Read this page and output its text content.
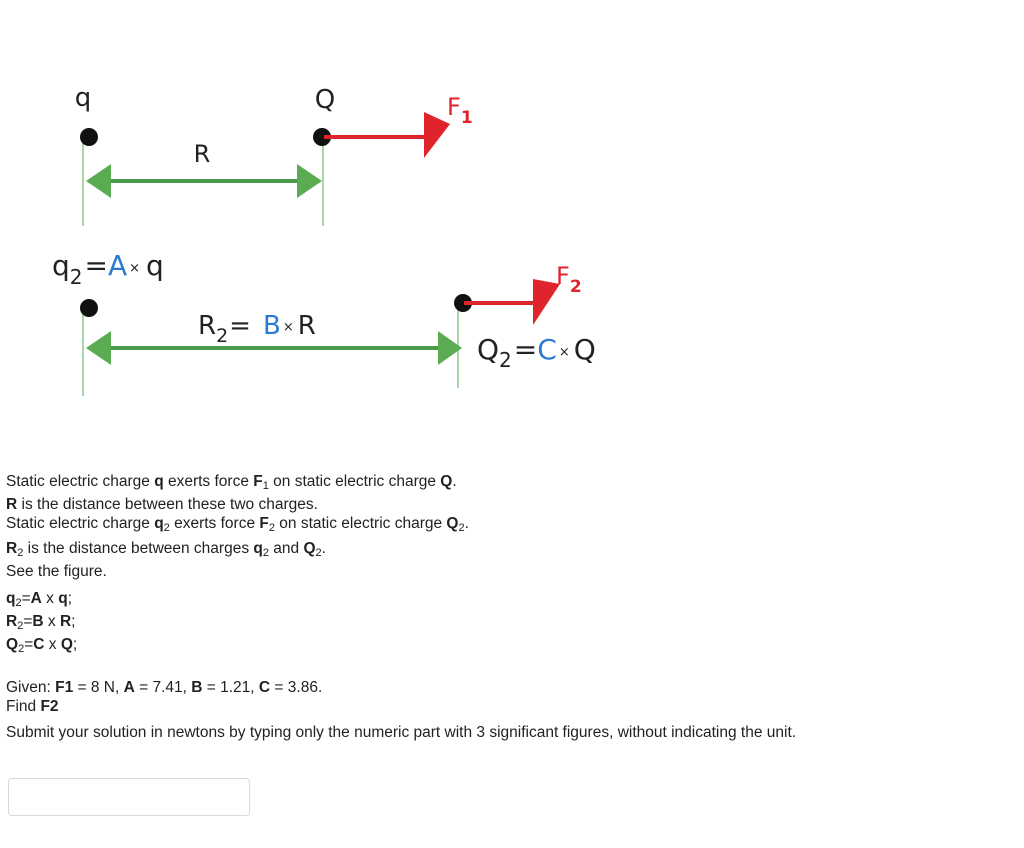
q	Q
R
$F_1$
$q_2=A \times q$
$R_2= B \times R$
$F_2$
$Q_2=C \times Q$
Static electric charge q exerts force $F_1$ on static electric charge Q.
R is the distance between these two charges.
Static electric charge $q_2$ exerts force $F_2$ on static electric charge $Q_2$.
$R_2$ is the distance between charges $q_2$ and $Q_2$.
See the figure.
$q_2=A$ x q;
$R_2=B$ x R;
$Q_2=C$ x Q;
Given: F1 = 8 N, A = 7.41, B = 1.21, C = 3.86.
Find F2
Submit your solution in newtons by typing only the numeric part with 3 significant figures, without indicating the unit.
